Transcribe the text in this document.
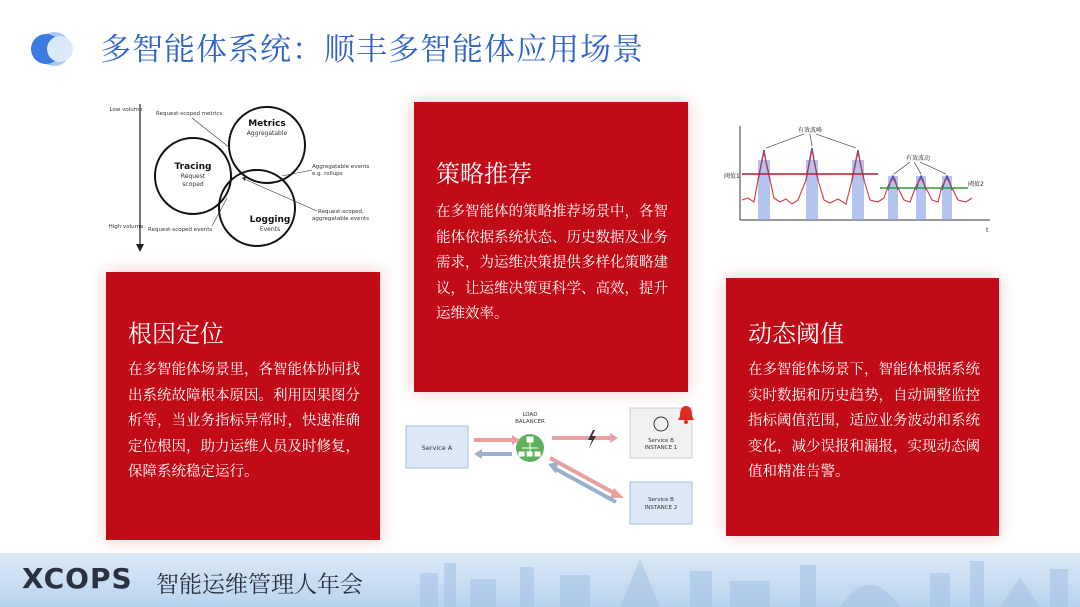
多智能体系统：顺丰多智能体应用场景
Low volume
High volume
Metrics
Aggregatable
Tracing
Request
scoped
Logging
Events
Request-scoped metrics
Aggregatable events
e.g. rollups
Request-scoped events
Request-scoped,
aggregatable events
t
阈值1
阈值2
有效波峰
有效波动
Service A
LOAD
BALANCER
Service B
INSTANCE 1
Service B
INSTANCE 2
根因定位

在多智能体场景里，各智能体协同找出系统故障根本原因。利用因果图分析等，当业务指标异常时，快速准确定位根因，助力运维人员及时修复，保障系统稳定运行。

策略推荐

在多智能体的策略推荐场景中，各智能体依据系统状态、历史数据及业务需求，为运维决策提供多样化策略建议，让运维决策更科学、高效，提升运维效率。

动态阈值

在多智能体场景下，智能体根据系统实时数据和历史趋势，自动调整监控指标阈值范围，适应业务波动和系统变化，减少误报和漏报，实现动态阈值和精准告警。

XCOPS 智能运维管理人年会
